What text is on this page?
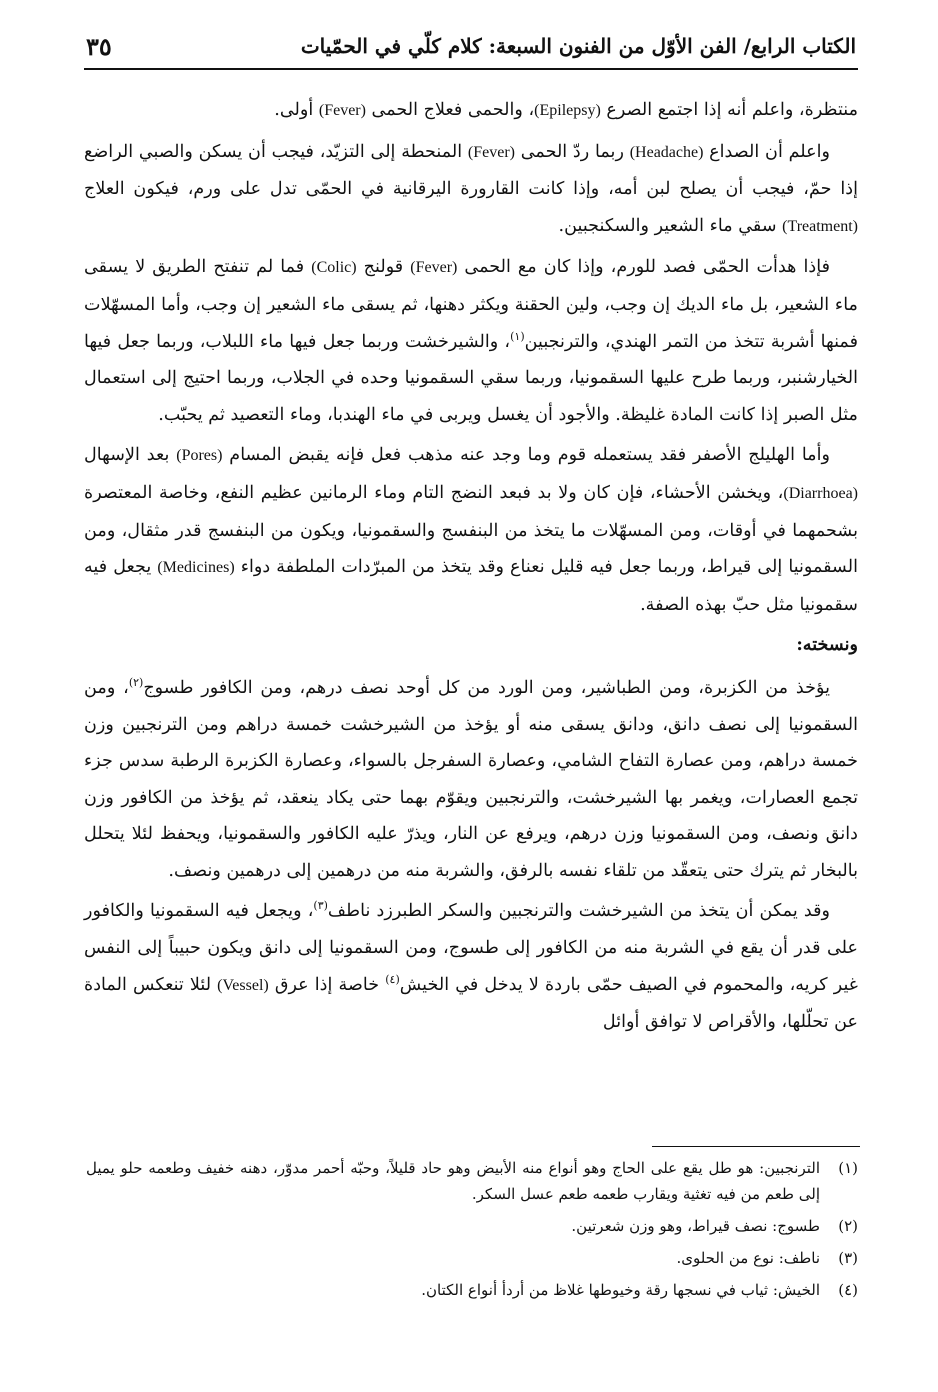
الكتاب الرابع/ الفن الأوّل من الفنون السبعة: كلام كلّي في الحمّيات
٣٥

منتظرة، واعلم أنه إذا اجتمع الصرع (Epilepsy)، والحمى فعلاج الحمى (Fever) أولى.

واعلم أن الصداع (Headache) ربما ردّ الحمى (Fever) المنحطة إلى التزيّد، فيجب أن يسكن والصبي الراضع إذا حمّ، فيجب أن يصلح لبن أمه، وإذا كانت القارورة اليرقانية في الحمّى تدل على ورم، فيكون العلاج (Treatment) سقي ماء الشعير والسكنجبين.

فإذا هدأت الحمّى فصد للورم، وإذا كان مع الحمى (Fever) قولنج (Colic) فما لم تنفتح الطريق لا يسقى ماء الشعير، بل ماء الديك إن وجب، ولين الحقنة ويكثر دهنها، ثم يسقى ماء الشعير إن وجب، وأما المسهّلات فمنها أشربة تتخذ من التمر الهندي، والترنجبين$^{(١)}$، والشيرخشت وربما جعل فيها ماء اللبلاب، وربما جعل فيها الخيارشنبر، وربما طرح عليها السقمونيا، وربما سقي السقمونيا وحده في الجلاب، وربما احتيج إلى استعمال مثل الصبر إذا كانت المادة غليظة. والأجود أن يغسل ويربى في ماء الهندبا، وماء التعصيد ثم يحبّب.

وأما الهليلج الأصفر فقد يستعمله قوم وما وجد عنه مذهب فعل فإنه يقبض المسام (Pores) بعد الإسهال (Diarrhoea)، ويخشن الأحشاء، فإن كان ولا بد فبعد النضج التام وماء الرمانين عظيم النفع، وخاصة المعتصرة بشحمهما في أوقات، ومن المسهّلات ما يتخذ من البنفسج والسقمونيا، ويكون من البنفسج قدر مثقال، ومن السقمونيا إلى قيراط، وربما جعل فيه قليل نعناع وقد يتخذ من المبرّدات الملطفة دواء (Medicines) يجعل فيه سقمونيا مثل حبّ بهذه الصفة.

ونسخته:

يؤخذ من الكزبرة، ومن الطباشير، ومن الورد من كل أوحد نصف درهم، ومن الكافور طسوج$^{(٢)}$، ومن السقمونيا إلى نصف دانق، ودانق يسقى منه أو يؤخذ من الشيرخشت خمسة دراهم ومن الترنجبين وزن خمسة دراهم، ومن عصارة التفاح الشامي، وعصارة السفرجل بالسواء، وعصارة الكزبرة الرطبة سدس جزء تجمع العصارات، ويغمر بها الشيرخشت، والترنجبين ويقوّم بهما حتى يكاد ينعقد، ثم يؤخذ من الكافور وزن دانق ونصف، ومن السقمونيا وزن درهم، ويرفع عن النار، ويذرّ عليه الكافور والسقمونيا، ويحفظ لئلا يتحلل بالبخار ثم يترك حتى يتعقّد من تلقاء نفسه بالرفق، والشربة منه من درهمين إلى درهمين ونصف.

وقد يمكن أن يتخذ من الشيرخشت والترنجبين والسكر الطبرزد ناطف$^{(٣)}$، ويجعل فيه السقمونيا والكافور على قدر أن يقع في الشربة منه من الكافور إلى طسوج، ومن السقمونيا إلى دانق ويكون حبيباً إلى النفس غير كريه، والمحموم في الصيف حمّى باردة لا يدخل في الخيش$^{(٤)}$ خاصة إذا عرق (Vessel) لئلا تنعكس المادة عن تحلّلها، والأقراص لا توافق أوائل

(١)
الترنجبين: هو طل يقع على الحاج وهو أنواع منه الأبيض وهو حاد قليلاً، وحبّه أحمر مدوّر، دهنه خفيف وطعمه حلو يميل إلى طعم من فيه تغثية ويقارب طعمه طعم عسل السكر.
(٢)
طسوج: نصف قيراط، وهو وزن شعرتين.
(٣)
ناطف: نوع من الحلوى.
(٤)
الخيش: ثياب في نسجها رقة وخيوطها غلاظ من أردأ أنواع الكتان.
